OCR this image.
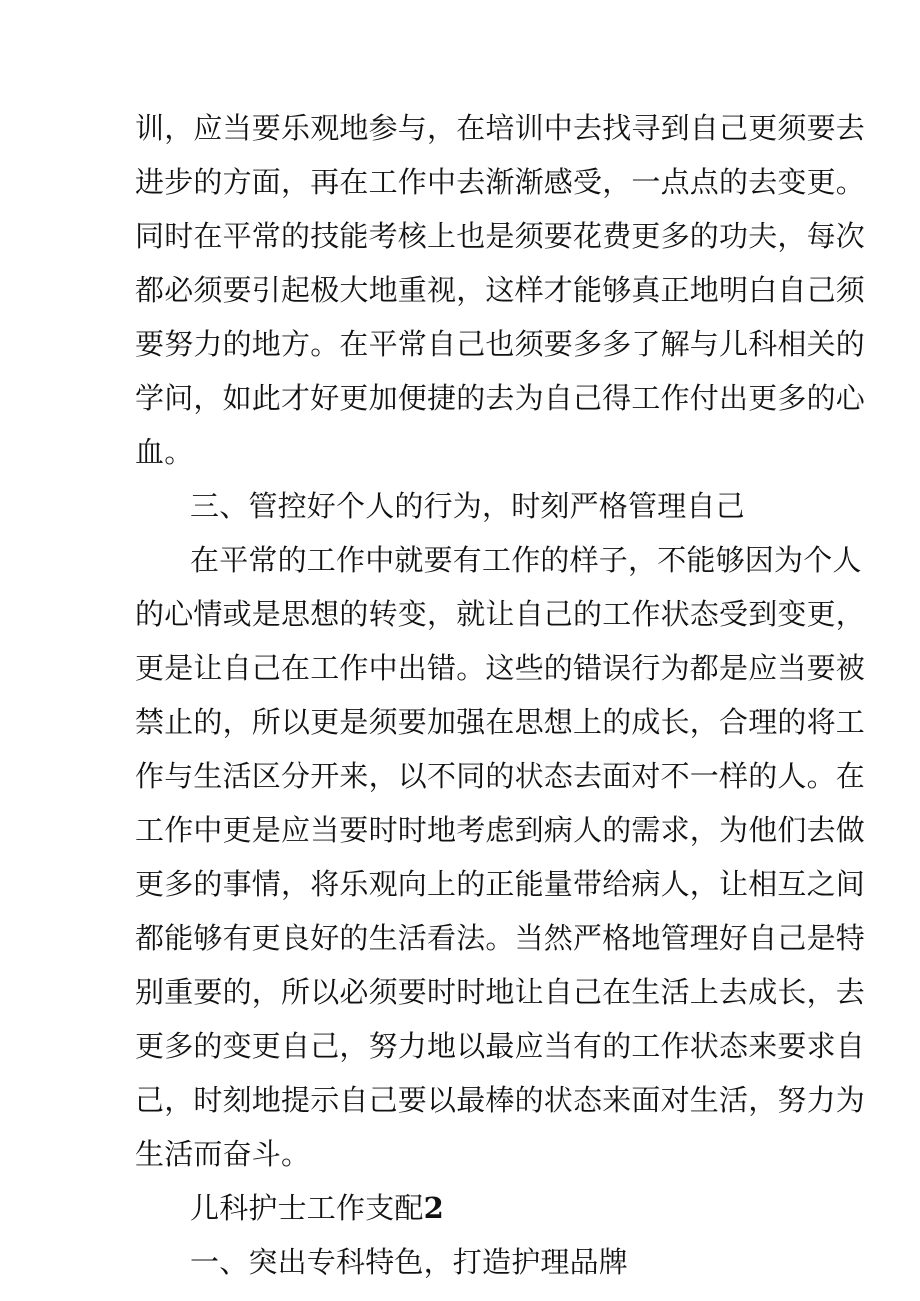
训，应当要乐观地参与，在培训中去找寻到自己更须要去
进步的方面，再在工作中去渐渐感受，一点点的去变更。
同时在平常的技能考核上也是须要花费更多的功夫，每次
都必须要引起极大地重视，这样才能够真正地明白自己须
要努力的地方。在平常自己也须要多多了解与儿科相关的
学问，如此才好更加便捷的去为自己得工作付出更多的心
血。
三、管控好个人的行为，时刻严格管理自己
在平常的工作中就要有工作的样子，不能够因为个人
的心情或是思想的转变，就让自己的工作状态受到变更，
更是让自己在工作中出错。这些的错误行为都是应当要被
禁止的，所以更是须要加强在思想上的成长，合理的将工
作与生活区分开来，以不同的状态去面对不一样的人。在
工作中更是应当要时时地考虑到病人的需求，为他们去做
更多的事情，将乐观向上的正能量带给病人，让相互之间
都能够有更良好的生活看法。当然严格地管理好自己是特
别重要的，所以必须要时时地让自己在生活上去成长，去
更多的变更自己，努力地以最应当有的工作状态来要求自
己，时刻地提示自己要以最棒的状态来面对生活，努力为
生活而奋斗。
儿科护士工作支配2
一、突出专科特色，打造护理品牌
